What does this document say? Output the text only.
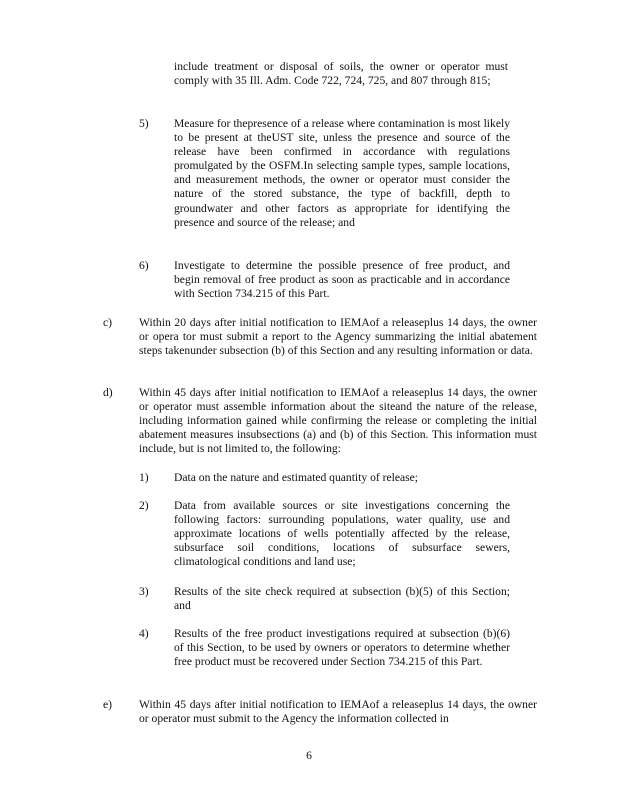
include treatment or disposal of soils, the owner or operator must comply with 35 Ill. Adm. Code 722, 724, 725, and 807 through 815;
5) Measure for thepresence of a release where contamination is most likely to be present at theUST site, unless the presence and source of the release have been confirmed in accordance with regulations promulgated by the OSFM.In selecting sample types, sample locations, and measurement methods, the owner or operator must consider the nature of the stored substance, the type of backfill, depth to groundwater and other factors as appropriate for identifying the presence and source of the release; and
6) Investigate to determine the possible presence of free product, and begin removal of free product as soon as practicable and in accordance with Section 734.215 of this Part.
c) Within 20 days after initial notification to IEMAof a releaseplus 14 days, the owner or opera tor must submit a report to the Agency summarizing the initial abatement steps takenunder subsection (b) of this Section and any resulting information or data.
d) Within 45 days after initial notification to IEMAof a releaseplus 14 days, the owner or operator must assemble information about the siteand the nature of the release, including information gained while confirming the release or completing the initial abatement measures insubsections (a) and (b) of this Section. This information must include, but is not limited to, the following:
1) Data on the nature and estimated quantity of release;
2) Data from available sources or site investigations concerning the following factors: surrounding populations, water quality, use and approximate locations of wells potentially affected by the release, subsurface soil conditions, locations of subsurface sewers, climatological conditions and land use;
3) Results of the site check required at subsection (b)(5) of this Section; and
4) Results of the free product investigations required at subsection (b)(6) of this Section, to be used by owners or operators to determine whether free product must be recovered under Section 734.215 of this Part.
e) Within 45 days after initial notification to IEMAof a releaseplus 14 days, the owner or operator must submit to the Agency the information collected in
6
